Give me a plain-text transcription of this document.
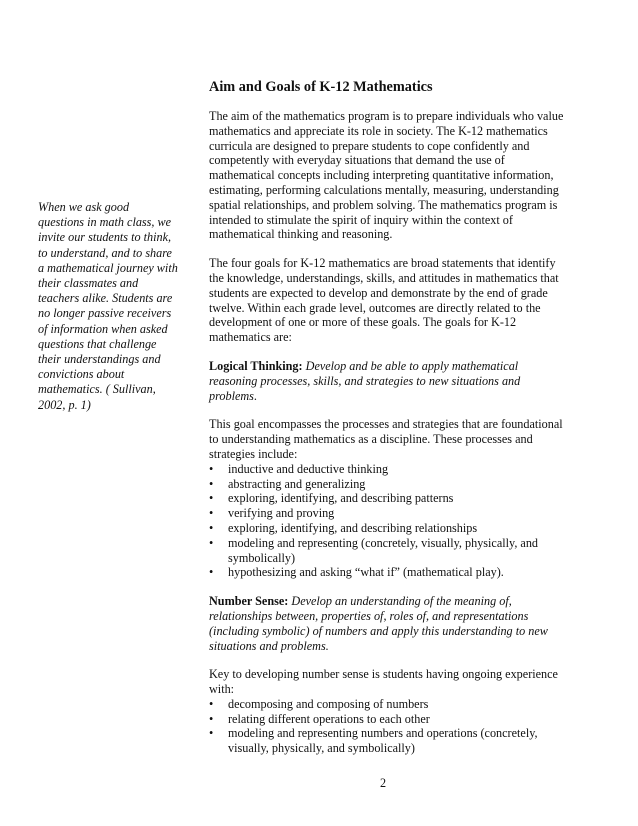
When we ask good questions in math class, we invite our students to think, to understand, and to share a mathematical journey with their classmates and teachers alike. Students are no longer passive receivers of information when asked questions that challenge their understandings and convictions about mathematics. ( Sullivan, 2002, p. 1)
Aim and Goals of K-12 Mathematics

The aim of the mathematics program is to prepare individuals who value mathematics and appreciate its role in society. The K-12 mathematics curricula are designed to prepare students to cope confidently and competently with everyday situations that demand the use of mathematical concepts including interpreting quantitative information, estimating, performing calculations mentally, measuring, understanding spatial relationships, and problem solving. The mathematics program is intended to stimulate the spirit of inquiry within the context of mathematical thinking and reasoning.

The four goals for K-12 mathematics are broad statements that identify the knowledge, understandings, skills, and attitudes in mathematics that students are expected to develop and demonstrate by the end of grade twelve. Within each grade level, outcomes are directly related to the development of one or more of these goals. The goals for K-12 mathematics are:

Logical Thinking: Develop and be able to apply mathematical reasoning processes, skills, and strategies to new situations and problems.

This goal encompasses the processes and strategies that are foundational to understanding mathematics as a discipline. These processes and strategies include:
• inductive and deductive thinking
• abstracting and generalizing
• exploring, identifying, and describing patterns
• verifying and proving
• exploring, identifying, and describing relationships
• modeling and representing (concretely, visually, physically, and symbolically)
• hypothesizing and asking “what if” (mathematical play).

Number Sense: Develop an understanding of the meaning of, relationships between, properties of, roles of, and representations (including symbolic) of numbers and apply this understanding to new situations and problems.

Key to developing number sense is students having ongoing experience with:
• decomposing and composing of numbers
• relating different operations to each other
• modeling and representing numbers and operations (concretely, visually, physically, and symbolically)
2
